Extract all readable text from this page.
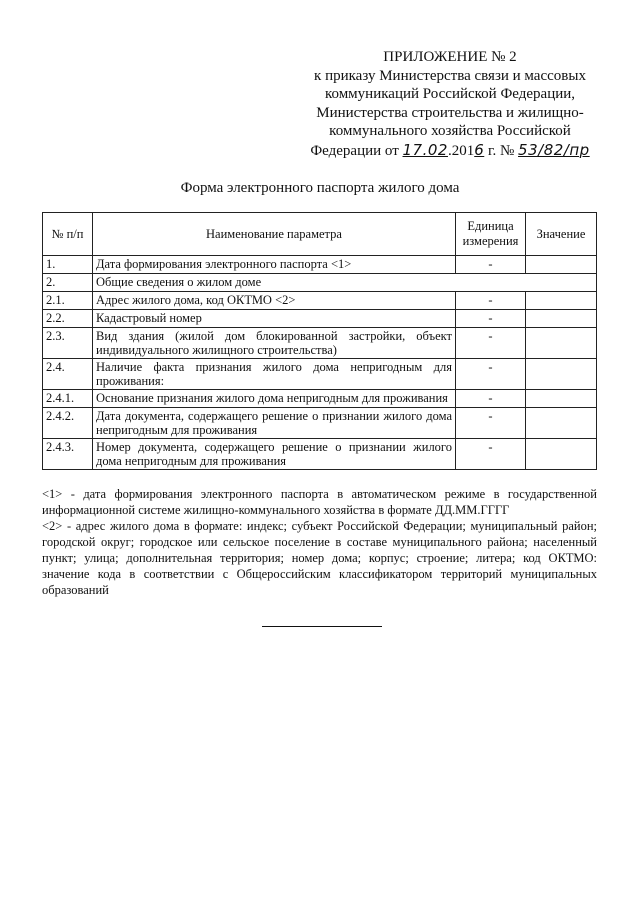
ПРИЛОЖЕНИЕ № 2
к приказу Министерства связи и массовых
коммуникаций Российской Федерации,
Министерства строительства и жилищно-
коммунального хозяйства Российской
Федерации от 17.02.2016 г. № 53/82/пр
Форма электронного паспорта жилого дома
№ п/п	Наименование параметра	Единица измерения	Значение
1.	Дата формирования электронного паспорта <1>	-	
2.	Общие сведения о жилом доме		
2.1.	Адрес жилого дома, код ОКТМО <2>	-	
2.2.	Кадастровый номер	-	
2.3.	Вид здания (жилой дом блокированной застройки, объект индивидуального жилищного строительства)	-	
2.4.	Наличие факта признания жилого дома непригодным для проживания:	-	
2.4.1.	Основание признания жилого дома непригодным для проживания	-	
2.4.2.	Дата документа, содержащего решение о признании жилого дома непригодным для проживания	-	
2.4.3.	Номер документа, содержащего решение о признании жилого дома непригодным для проживания	-	

<1> - дата формирования электронного паспорта в автоматическом режиме в государственной информационной системе жилищно-коммунального хозяйства в формате ДД.ММ.ГГГГ

<2> - адрес жилого дома в формате: индекс; субъект Российской Федерации; муниципальный район; городской округ; городское или сельское поселение в составе муниципального района; населенный пункт; улица; дополнительная территория; номер дома; корпус; строение; литера; код ОКТМО: значение кода в соответствии с Общероссийским классификатором территорий муниципальных образований
